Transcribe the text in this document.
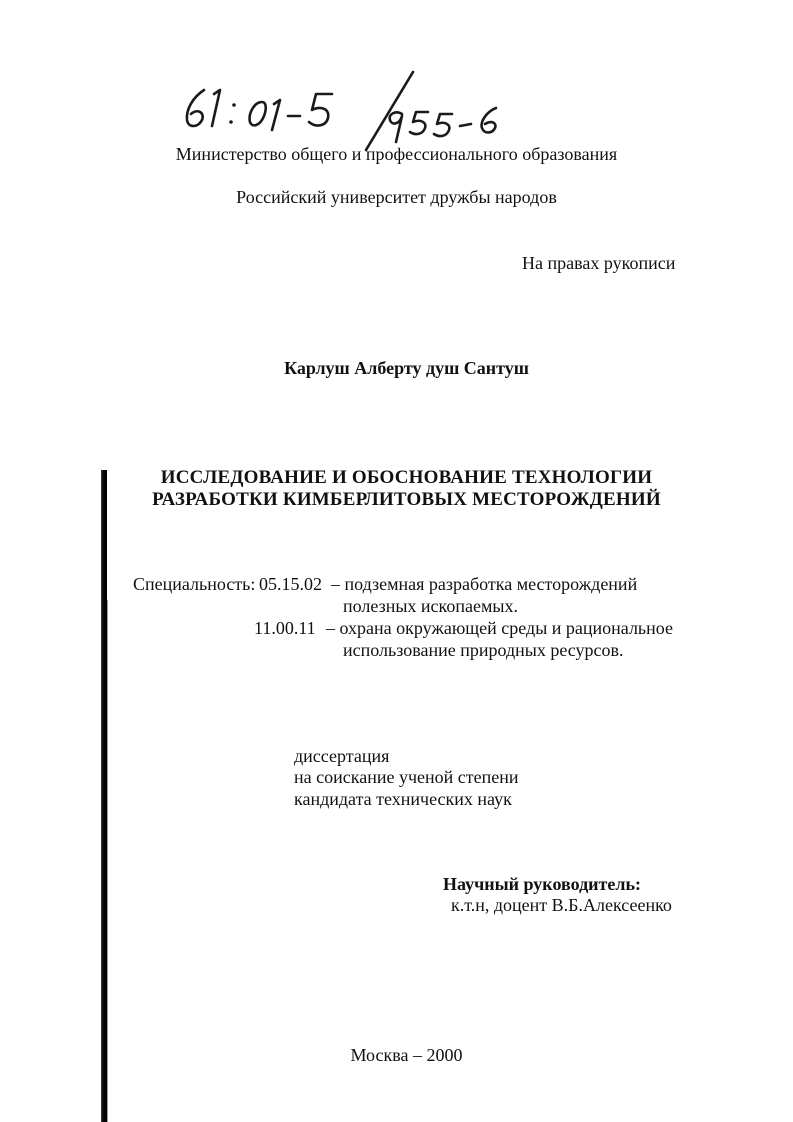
Министерство общего и профессионального образования
Российский университет дружбы народов
На правах рукописи
Карлуш Алберту душ Сантуш
ИССЛЕДОВАНИЕ И ОБОСНОВАНИЕ ТЕХНОЛОГИИ
РАЗРАБОТКИ КИМБЕРЛИТОВЫХ МЕСТОРОЖДЕНИЙ
Специальность: 05.15.02 – подземная разработка месторождений
полезных ископаемых.
11.00.11 – охрана окружающей среды и рациональное
использование природных ресурсов.
диссертация
на соискание ученой степени
кандидата технических наук
Научный руководитель:
к.т.н, доцент В.Б.Алексеенко
Москва – 2000
